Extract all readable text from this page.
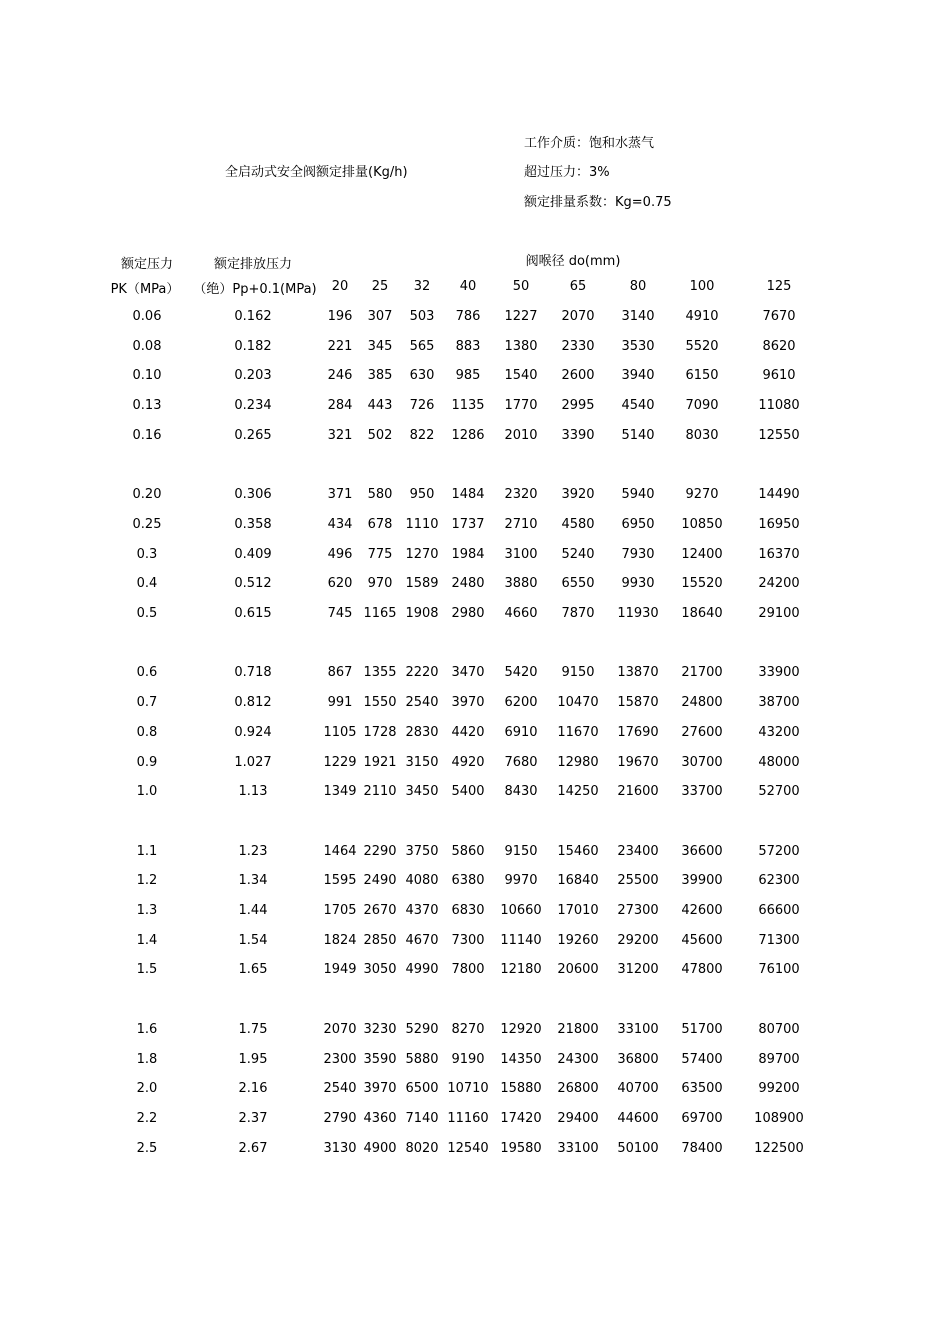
全启动式安全阀额定排量(Kg/h)
工作介质：饱和水蒸气
超过压力：3%
额定排量系数：Kg=0.75
额定压力
PK（MPa）
额定排放压力
（绝）Pp+0.1(MPa)
阀喉径 do(mm)
20 25 32 40	50	65	80	100	125
0.06	0.162	196 307 503 786 1227 2070 3140 4910	7670
0.08	0.182	221 345 565 883 1380 2330 3530 5520	8620
0.10	0.203	246 385 630 985 1540 2600 3940 6150	9610
0.13	0.234	284 443 726 1135 1770 2995 4540 7090	11080
0.16	0.265	321 502 822 1286 2010 3390 5140 8030	12550
0.20	0.306	371 580 950 1484 2320 3920 5940 9270	14490
0.25	0.358	434 678 1110 1737 2710 4580 6950 10850	16950
0.3	0.409	496 775 1270 1984 3100 5240 7930 12400	16370
0.4	0.512	620 970 1589 2480 3880 6550 9930 15520	24200
0.5	0.615	745 1165 1908 2980 4660 7870 11930 18640	29100
0.6	0.718	867 1355 2220 3470 5420 9150 13870 21700	33900
0.7	0.812	991 1550 2540 3970 6200 10470 15870 24800	38700
0.8	0.924	1105 1728 2830 4420 6910 11670 17690 27600	43200
0.9	1.027	1229 1921 3150 4920 7680 12980 19670 30700	48000
1.0	1.13	1349 2110 3450 5400 8430 14250 21600 33700	52700
1.1	1.23	1464 2290 3750 5860 9150 15460 23400 36600	57200
1.2	1.34	1595 2490 4080 6380 9970 16840 25500 39900	62300
1.3	1.44	1705 2670 4370 6830 10660 17010 27300 42600	66600
1.4	1.54	1824 2850 4670 7300 11140 19260 29200 45600	71300
1.5	1.65	1949 3050 4990 7800 12180 20600 31200 47800	76100
1.6	1.75	2070 3230 5290 8270 12920 21800 33100 51700	80700
1.8	1.95	2300 3590 5880 9190 14350 24300 36800 57400	89700
2.0	2.16	2540 3970 6500 10710 15880 26800 40700 63500	99200
2.2	2.37	2790 4360 7140 11160 17420 29400 44600 69700 108900
2.5	2.67	3130 4900 8020 12540 19580 33100 50100 78400 122500
